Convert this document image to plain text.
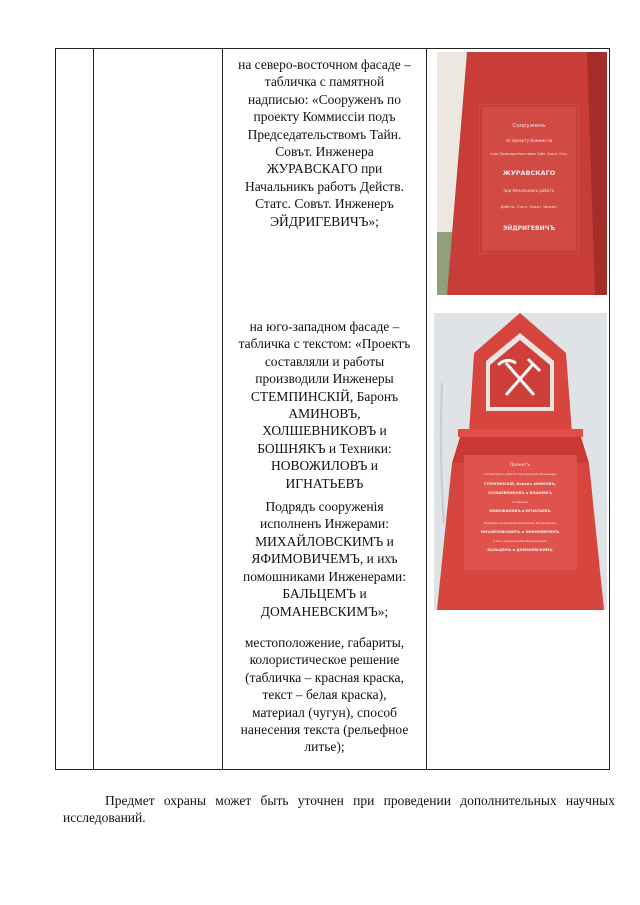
на северо-восточном фасаде –

табличка с памятной

надписью: «Сооруженъ по

проекту Коммиссіи подъ

Председательствомъ Тайн.

Совът. Инженера

ЖУРАВСКАГО при

Начальникъ работъ Действ.

Статс. Совът. Инженеръ

ЭЙДРИГЕВИЧЪ»;

Сооруженъ
по проекту Коммиссіи
подъ Председательствомъ Тайн. Совът. Инж.
ЖУРАВСКАГО
при Начальникъ работъ
Действ. Статс. Совът. Инжен.
ЭЙДРИГЕВИЧЪ

на юго-западном фасаде –

табличка с текстом: «Проектъ

составляли и работы

производили Инженеры

СТЕМПИНСКІЙ, Баронъ

АМИНОВЪ,

ХОЛШЕВНИКОВЪ и

БОШНЯКЪ и Техники:

НОВОЖИЛОВЪ и

ИГНАТЬЕВЪ

Подрядъ сооруженія

исполненъ Инжерами:

МИХАЙЛОВСКИМЪ и

ЯФИМОВИЧЕМЪ, и ихъ

помошниками Инженерами:

БАЛЬЦЕМЪ и

ДОМАНЕВСКИМЪ»;

Проектъ
составляли и работы производили Инженеры
СТЕМПИНСКІЙ, Баронъ АМИНОВЪ,
ХОЛШЕВНИКОВЪ и БОШНЯКЪ
и Техники
НОВОЖИЛОВЪ и ИГНАТЬЕВЪ
Подрядъ сооруженія исполненъ Инженерами
МИХАЙЛОВСКИМЪ и ЯФИМОВИЧЕМЪ
и ихъ помошниками Инженерами
БАЛЬЦЕМЪ и ДОМАНЕВСКИМЪ

местоположение, габариты,

колористическое решение

(табличка – красная краска,

текст – белая краска),

материал (чугун), способ

нанесения текста (рельефное

литье);

Предмет охраны может быть уточнен при проведении дополнительных научных исследований.
